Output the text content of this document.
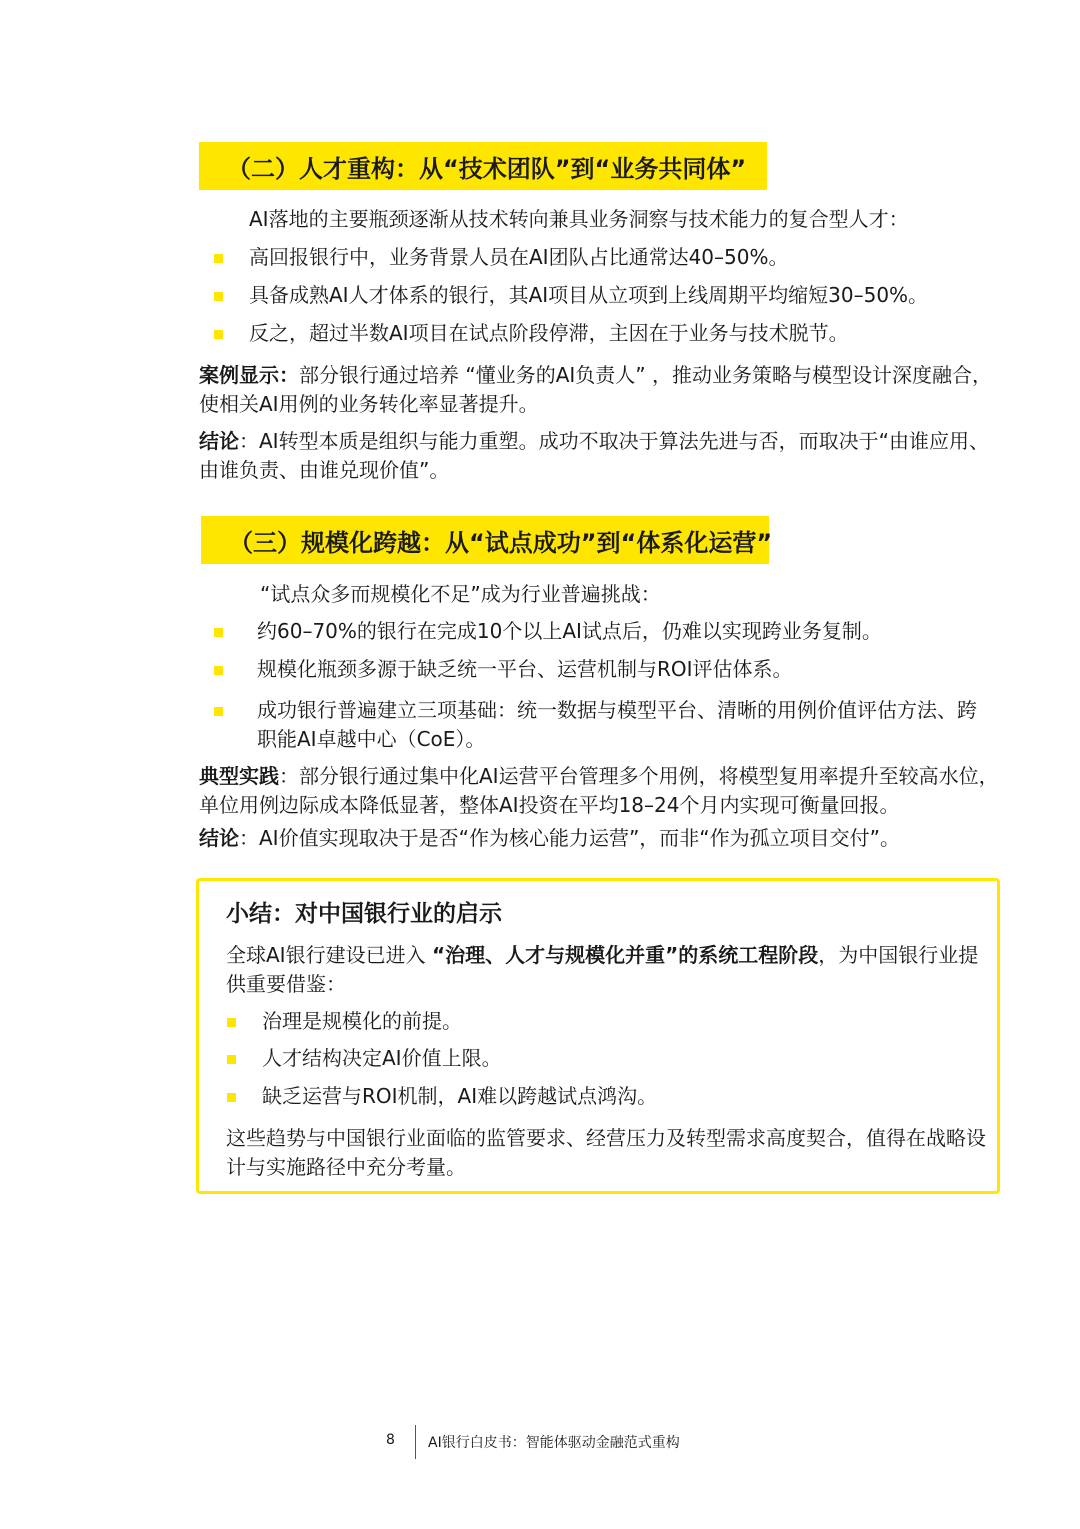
（二）人才重构：从“技术团队”到“业务共同体”
AI落地的主要瓶颈逐渐从技术转向兼具业务洞察与技术能力的复合型人才：
高回报银行中，业务背景人员在AI团队占比通常达40–50%。
具备成熟AI人才体系的银行，其AI项目从立项到上线周期平均缩短30–50%。
反之，超过半数AI项目在试点阶段停滞，主因在于业务与技术脱节。
案例显示：部分银行通过培养 “懂业务的AI负责人” ，推动业务策略与模型设计深度融合，使相关AI用例的业务转化率显著提升。
结论：AI转型本质是组织与能力重塑。成功不取决于算法先进与否，而取决于“由谁应用、由谁负责、由谁兑现价值”。
（三）规模化跨越：从“试点成功”到“体系化运营”
“试点众多而规模化不足”成为行业普遍挑战：
约60–70%的银行在完成10个以上AI试点后，仍难以实现跨业务复制。
规模化瓶颈多源于缺乏统一平台、运营机制与ROI评估体系。
成功银行普遍建立三项基础：统一数据与模型平台、清晰的用例价值评估方法、跨职能AI卓越中心（CoE）。
典型实践：部分银行通过集中化AI运营平台管理多个用例，将模型复用率提升至较高水位，单位用例边际成本降低显著，整体AI投资在平均18–24个月内实现可衡量回报。
结论：AI价值实现取决于是否“作为核心能力运营”，而非“作为孤立项目交付”。
小结：对中国银行业的启示
全球AI银行建设已进入 “治理、人才与规模化并重”的系统工程阶段，为中国银行业提供重要借鉴：
治理是规模化的前提。
人才结构决定AI价值上限。
缺乏运营与ROI机制，AI难以跨越试点鸿沟。
这些趋势与中国银行业面临的监管要求、经营压力及转型需求高度契合，值得在战略设计与实施路径中充分考量。
8 AI银行白皮书：智能体驱动金融范式重构
